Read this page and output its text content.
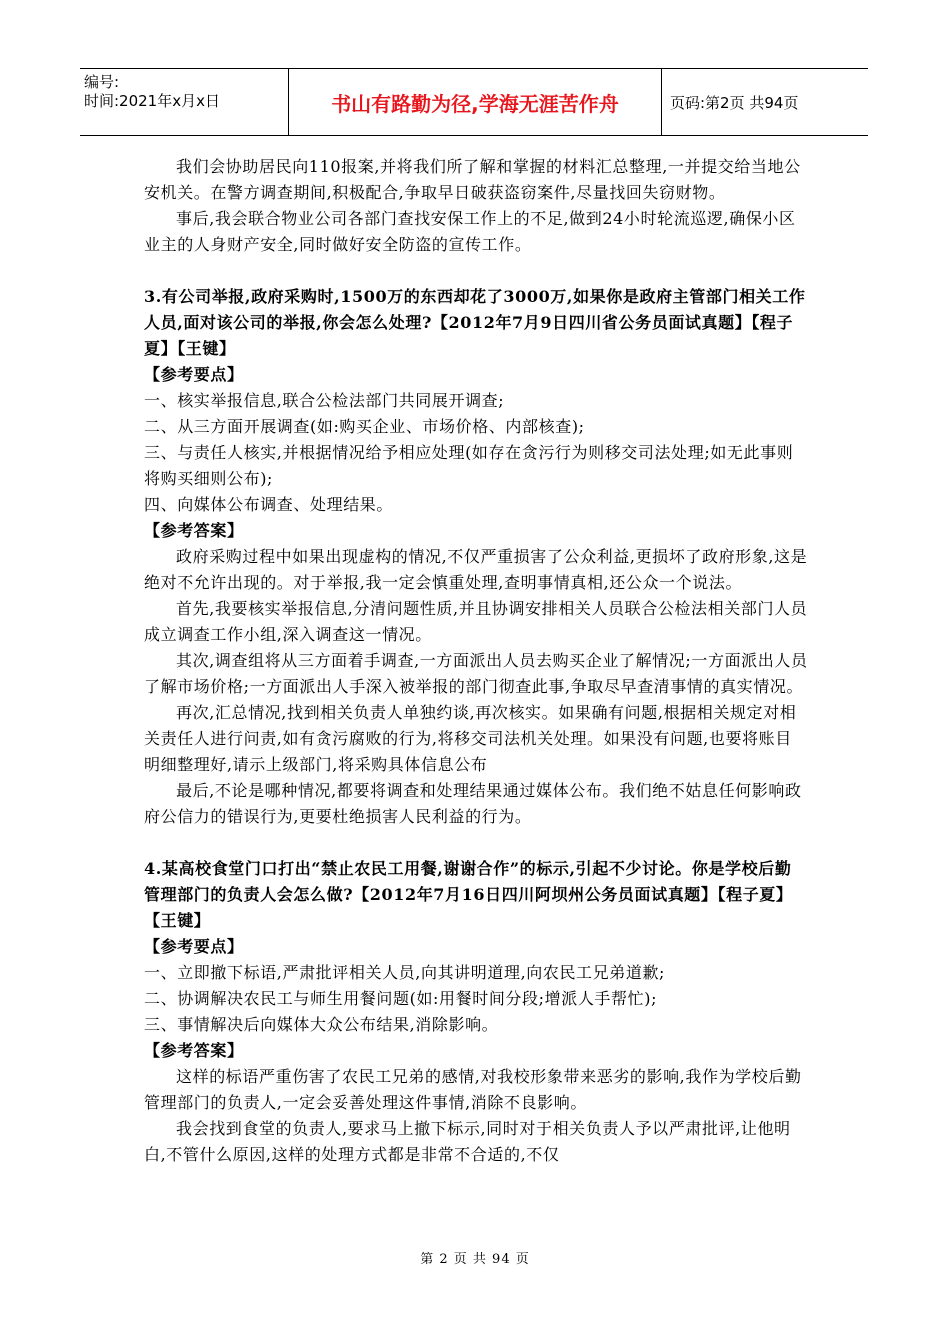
编号:
时间:2021年x月x日	书山有路勤为径,学海无涯苦作舟	页码:第2页 共94页

我们会协助居民向110报案,并将我们所了解和掌握的材料汇总整理,一并提交给当地公安机关。在警方调查期间,积极配合,争取早日破获盗窃案件,尽量找回失窃财物。

事后,我会联合物业公司各部门查找安保工作上的不足,做到24小时轮流巡逻,确保小区业主的人身财产安全,同时做好安全防盗的宣传工作。

3.有公司举报,政府采购时,1500万的东西却花了3000万,如果你是政府主管部门相关工作人员,面对该公司的举报,你会怎么处理?【2012年7月9日四川省公务员面试真题】【程子夏】【王键】

【参考要点】

一、核实举报信息,联合公检法部门共同展开调查;

二、从三方面开展调查(如:购买企业、市场价格、内部核查);

三、与责任人核实,并根据情况给予相应处理(如存在贪污行为则移交司法处理;如无此事则将购买细则公布);

四、向媒体公布调查、处理结果。

【参考答案】

政府采购过程中如果出现虚构的情况,不仅严重损害了公众利益,更损坏了政府形象,这是绝对不允许出现的。对于举报,我一定会慎重处理,查明事情真相,还公众一个说法。

首先,我要核实举报信息,分清问题性质,并且协调安排相关人员联合公检法相关部门人员成立调查工作小组,深入调查这一情况。

其次,调查组将从三方面着手调查,一方面派出人员去购买企业了解情况;一方面派出人员了解市场价格;一方面派出人手深入被举报的部门彻查此事,争取尽早查清事情的真实情况。

再次,汇总情况,找到相关负责人单独约谈,再次核实。如果确有问题,根据相关规定对相关责任人进行问责,如有贪污腐败的行为,将移交司法机关处理。如果没有问题,也要将账目明细整理好,请示上级部门,将采购具体信息公布

最后,不论是哪种情况,都要将调查和处理结果通过媒体公布。我们绝不姑息任何影响政府公信力的错误行为,更要杜绝损害人民利益的行为。

4.某高校食堂门口打出“禁止农民工用餐,谢谢合作”的标示,引起不少讨论。你是学校后勤管理部门的负责人会怎么做?【2012年7月16日四川阿坝州公务员面试真题】【程子夏】【王键】

【参考要点】

一、立即撤下标语,严肃批评相关人员,向其讲明道理,向农民工兄弟道歉;

二、协调解决农民工与师生用餐问题(如:用餐时间分段;增派人手帮忙);

三、事情解决后向媒体大众公布结果,消除影响。

【参考答案】

这样的标语严重伤害了农民工兄弟的感情,对我校形象带来恶劣的影响,我作为学校后勤管理部门的负责人,一定会妥善处理这件事情,消除不良影响。

我会找到食堂的负责人,要求马上撤下标示,同时对于相关负责人予以严肃批评,让他明白,不管什么原因,这样的处理方式都是非常不合适的,不仅

第 2 页 共 94 页
